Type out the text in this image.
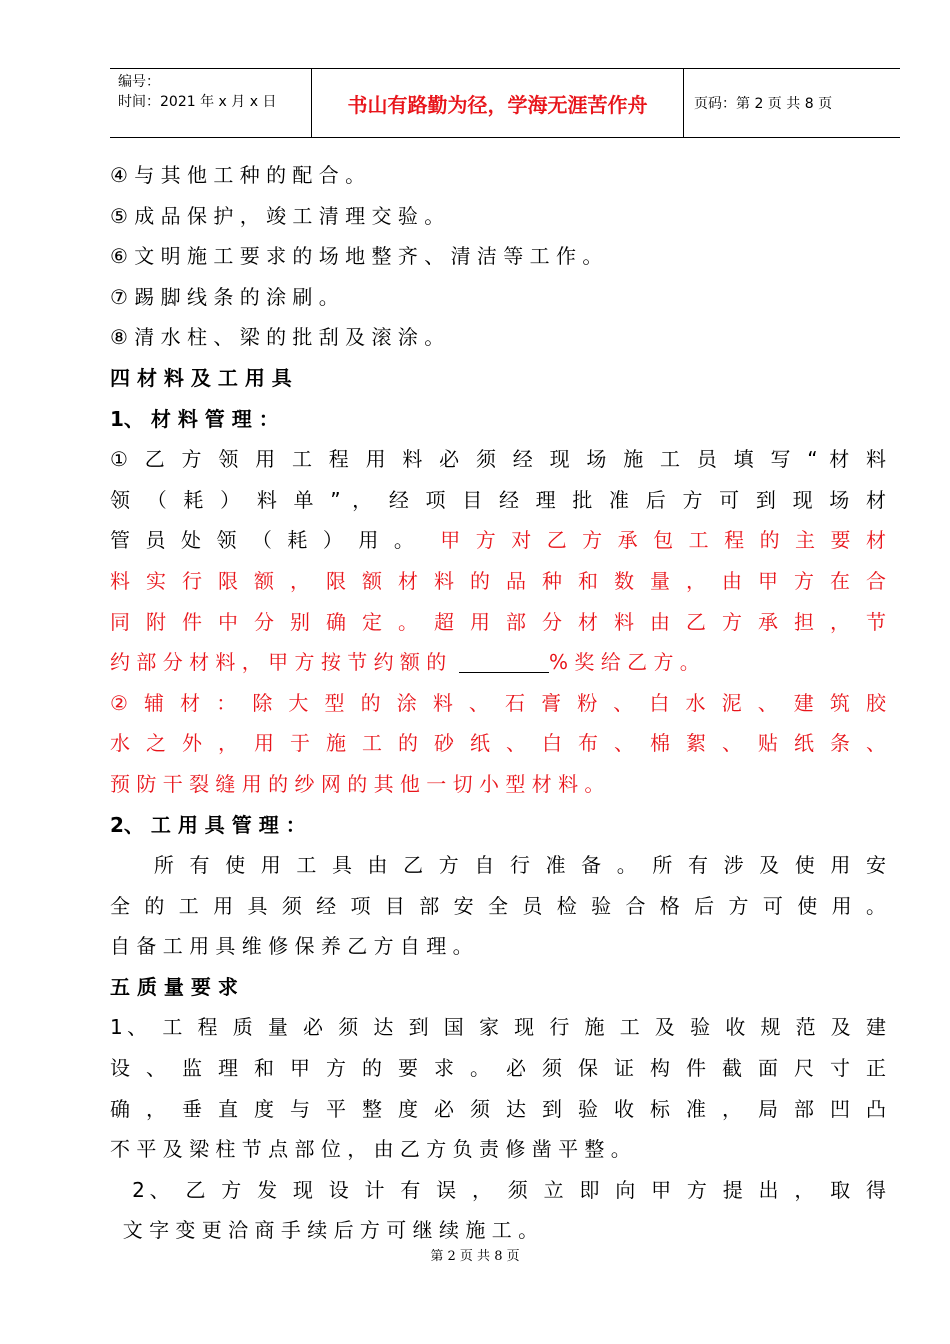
编号：
时间：2021 年 x 月 x 日	书山有路勤为径，学海无涯苦作舟	页码：第 2 页 共 8 页
④ 与 其 他 工 种 的 配 合 。
⑤ 成 品 保 护 ， 竣 工 清 理 交 验 。
⑥ 文 明 施 工 要 求 的 场 地 整 齐 、 清 洁 等 工 作 。
⑦ 踢 脚 线 条 的 涂 刷 。
⑧ 清 水 柱 、 梁 的 批 刮 及 滚 涂 。
四 材 料 及 工 用 具
1、 材 料 管 理 ：
① 乙 方 领 用 工 程 用 料 必 须 经 现 场 施 工 员 填 写 “ 材 料
领 （ 耗 ） 料 单 ” ， 经 项 目 经 理 批 准 后 方 可 到 现 场 材
管 员 处 领 （ 耗 ） 用 。 甲 方 对 乙 方 承 包 工 程 的 主 要 材
料 实 行 限 额 ， 限 额 材 料 的 品 种 和 数 量 ， 由 甲 方 在 合
同 附 件 中 分 别 确 定 。 超 用 部 分 材 料 由 乙 方 承 担 ， 节
约 部 分 材 料 ， 甲 方 按 节 约 额 的	% 奖 给 乙 方 。
② 辅 材 ： 除 大 型 的 涂 料 、 石 膏 粉 、 白 水 泥 、 建 筑 胶
水 之 外 ， 用 于 施 工 的 砂 纸 、 白 布 、 棉 絮 、 贴 纸 条 、
预 防 干 裂 缝 用 的 纱 网 的 其 他 一 切 小 型 材 料 。
2、 工 用 具 管 理 ：
所 有 使 用 工 具 由 乙 方 自 行 准 备 。 所 有 涉 及 使 用 安
全 的 工 用 具 须 经 项 目 部 安 全 员 检 验 合 格 后 方 可 使 用 。
自 备 工 用 具 维 修 保 养 乙 方 自 理 。
五 质 量 要 求
1、 工 程 质 量 必 须 达 到 国 家 现 行 施 工 及 验 收 规 范 及 建
设 、 监 理 和 甲 方 的 要 求 。 必 须 保 证 构 件 截 面 尺 寸 正
确 ， 垂 直 度 与 平 整 度 必 须 达 到 验 收 标 准 ， 局 部 凹 凸
不 平 及 梁 柱 节 点 部 位 ， 由 乙 方 负 责 修 凿 平 整 。
2、 乙 方 发 现 设 计 有 误 ， 须 立 即 向 甲 方 提 出 ， 取 得
文 字 变 更 洽 商 手 续 后 方 可 继 续 施 工 。
第 2 页 共 8 页
